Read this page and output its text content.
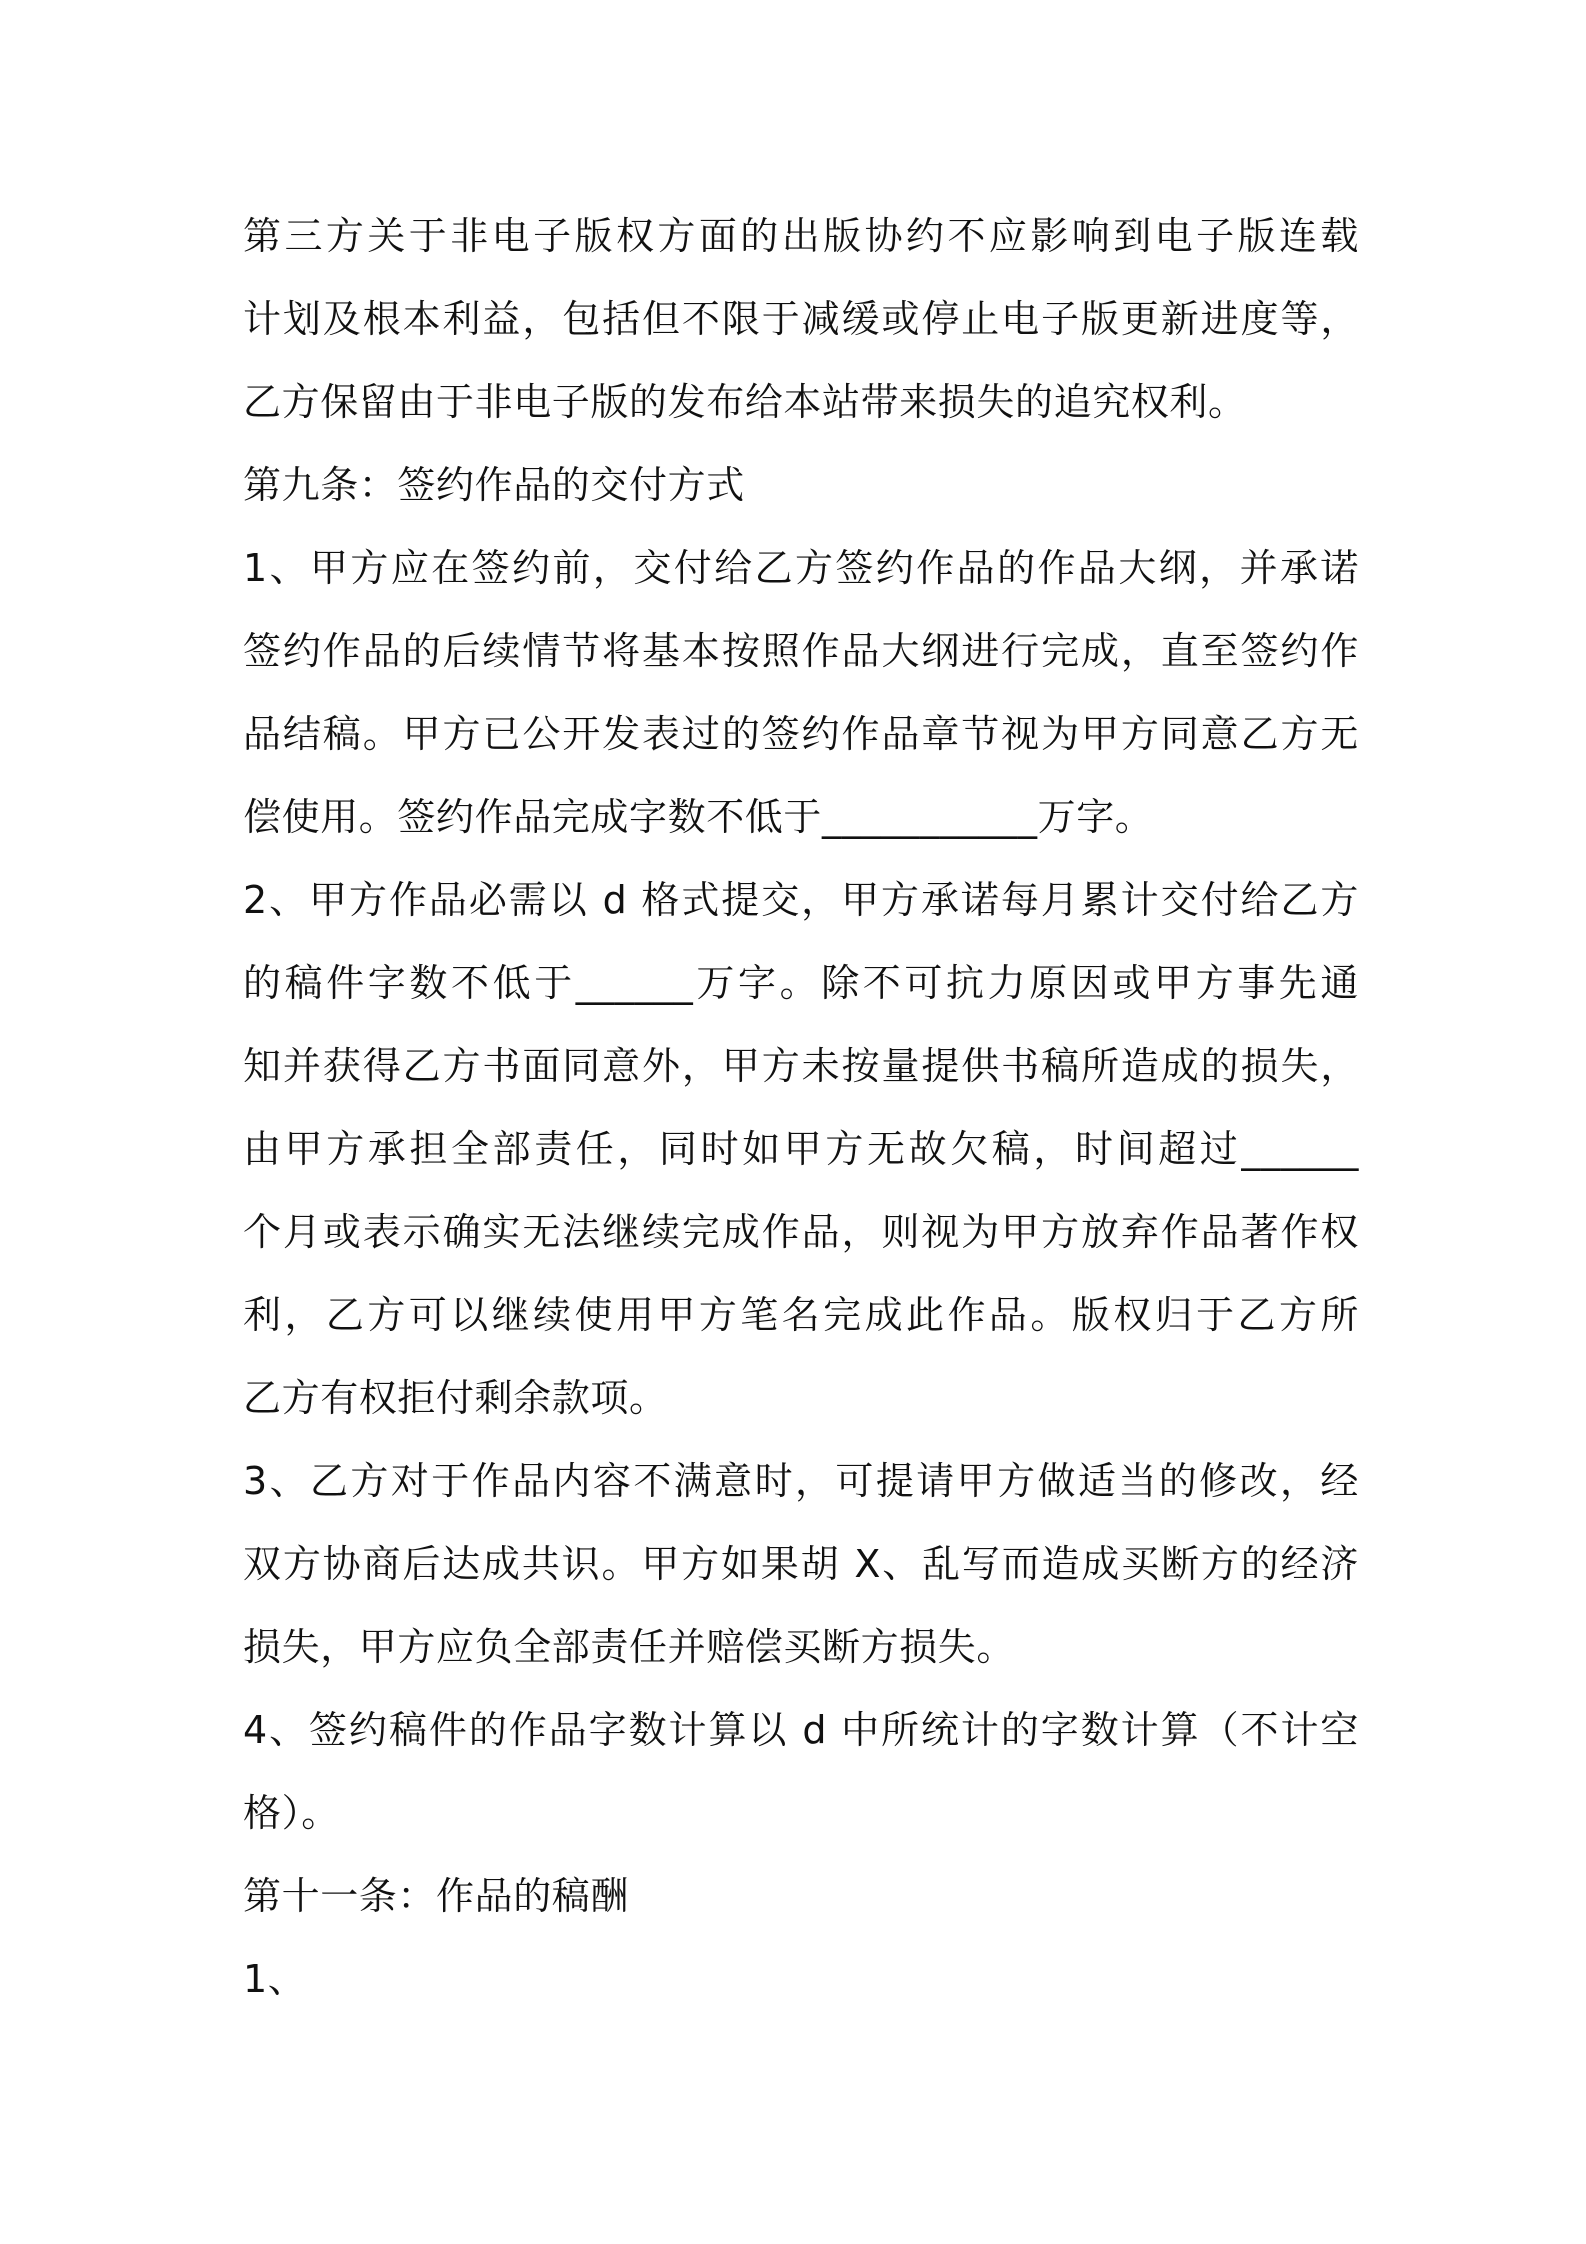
第三方关于非电子版权方面的出版协约不应影响到电子版连载
计划及根本利益，包括但不限于减缓或停止电子版更新进度等，
乙方保留由于非电子版的发布给本站带来损失的追究权利。
第九条：签约作品的交付方式
1、甲方应在签约前，交付给乙方签约作品的作品大纲，并承诺
签约作品的后续情节将基本按照作品大纲进行完成，直至签约作
品结稿。甲方已公开发表过的签约作品章节视为甲方同意乙方无
偿使用。签约作品完成字数不低于___________万字。
2、甲方作品必需以 d 格式提交，甲方承诺每月累计交付给乙方
的稿件字数不低于______万字。除不可抗力原因或甲方事先通
知并获得乙方书面同意外，甲方未按量提供书稿所造成的损失，
由甲方承担全部责任，同时如甲方无故欠稿，时间超过______
个月或表示确实无法继续完成作品，则视为甲方放弃作品著作权
利，乙方可以继续使用甲方笔名完成此作品。版权归于乙方所
乙方有权拒付剩余款项。
3、乙方对于作品内容不满意时，可提请甲方做适当的修改，经
双方协商后达成共识。甲方如果胡 X、乱写而造成买断方的经济
损失，甲方应负全部责任并赔偿买断方损失。
4、签约稿件的作品字数计算以 d 中所统计的字数计算（不计空
格）。
第十一条：作品的稿酬
1、
